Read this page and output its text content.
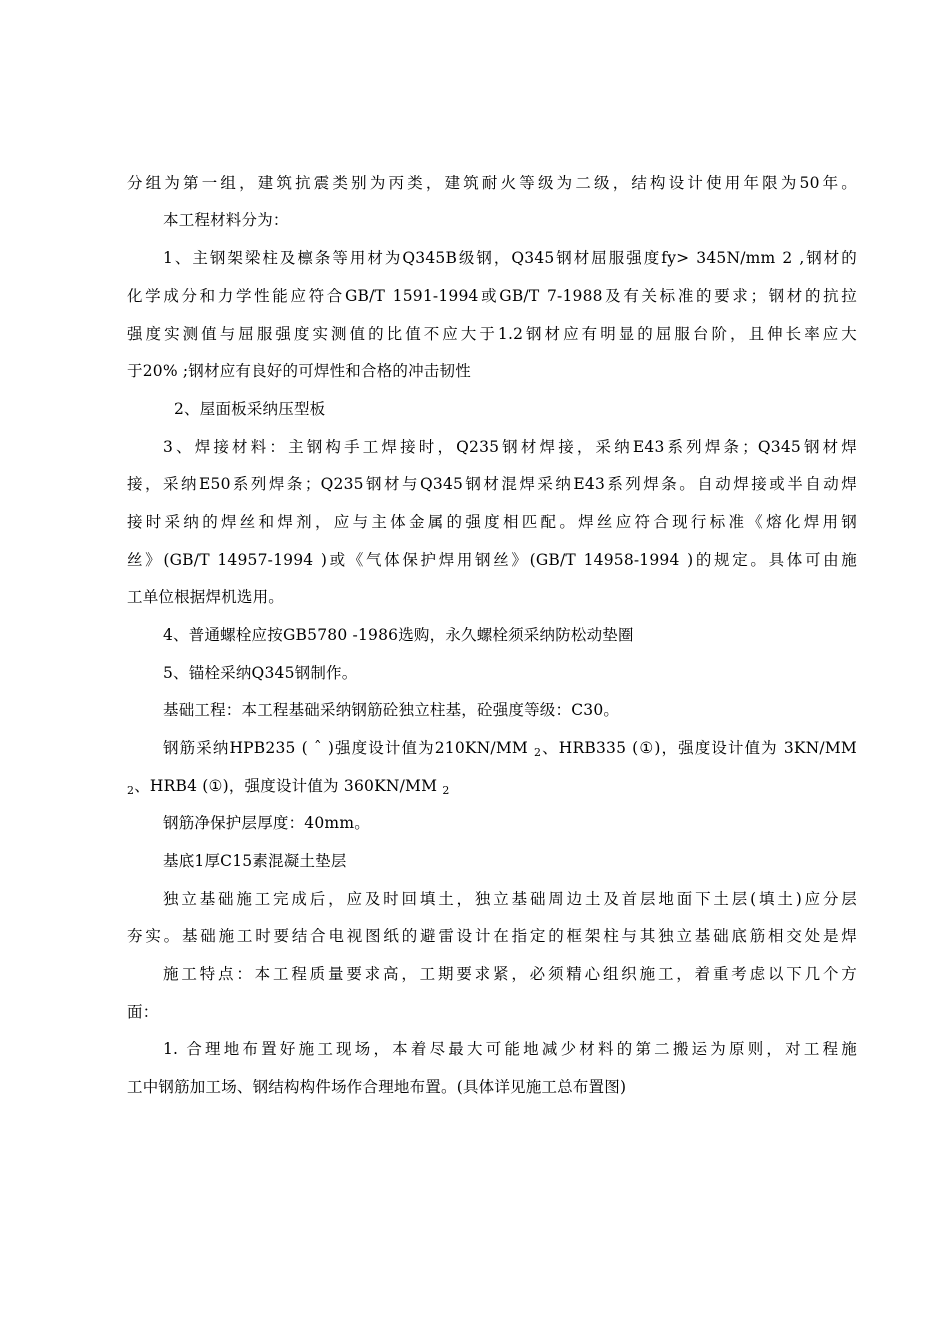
分组为第一组，建筑抗震类别为丙类，建筑耐火等级为二级，结构设计使用年限为50年。
本工程材料分为：
1、主钢架梁柱及檩条等用材为Q345B级钢，Q345钢材屈服强度fy> 345N/mm 2 ,钢材的
化学成分和力学性能应符合GB/T 1591-1994或GB/T 7-1988及有关标准的要求；钢材的抗拉
强度实测值与屈服强度实测值的比值不应大于1.2钢材应有明显的屈服台阶，且伸长率应大
于20% ;钢材应有良好的可焊性和合格的冲击韧性
2、屋面板采纳压型板
3、焊接材料：主钢构手工焊接时，Q235钢材焊接，采纳E43系列焊条；Q345钢材焊
接，采纳E50系列焊条；Q235钢材与Q345钢材混焊采纳E43系列焊条。自动焊接或半自动焊
接时采纳的焊丝和焊剂，应与主体金属的强度相匹配。焊丝应符合现行标准《熔化焊用钢
丝》(GB/T 14957-1994 )或《气体保护焊用钢丝》(GB/T 14958-1994 )的规定。具体可由施
工单位根据焊机选用。
4、普通螺栓应按GB5780 -1986选购，永久螺栓须采纳防松动垫圈
5、锚栓采纳Q345钢制作。
基础工程：本工程基础采纳钢筋砼独立柱基，砼强度等级：C30。
钢筋采纳HPB235 ( ˆ )强度设计值为210KN/MM 2、HRB335 (①)，强度设计值为 3KN/MM
2、HRB4 (①)，强度设计值为 360KN/MM 2
钢筋净保护层厚度：40mm。
基底1厚C15素混凝土垫层
独立基础施工完成后，应及时回填土，独立基础周边土及首层地面下土层(填土)应分层
夯实。基础施工时要结合电视图纸的避雷设计在指定的框架柱与其独立基础底筋相交处是焊
施工特点：本工程质量要求高，工期要求紧，必须精心组织施工，着重考虑以下几个方
面：
1. 合理地布置好施工现场，本着尽最大可能地减少材料的第二搬运为原则，对工程施
工中钢筋加工场、钢结构构件场作合理地布置。(具体详见施工总布置图)
